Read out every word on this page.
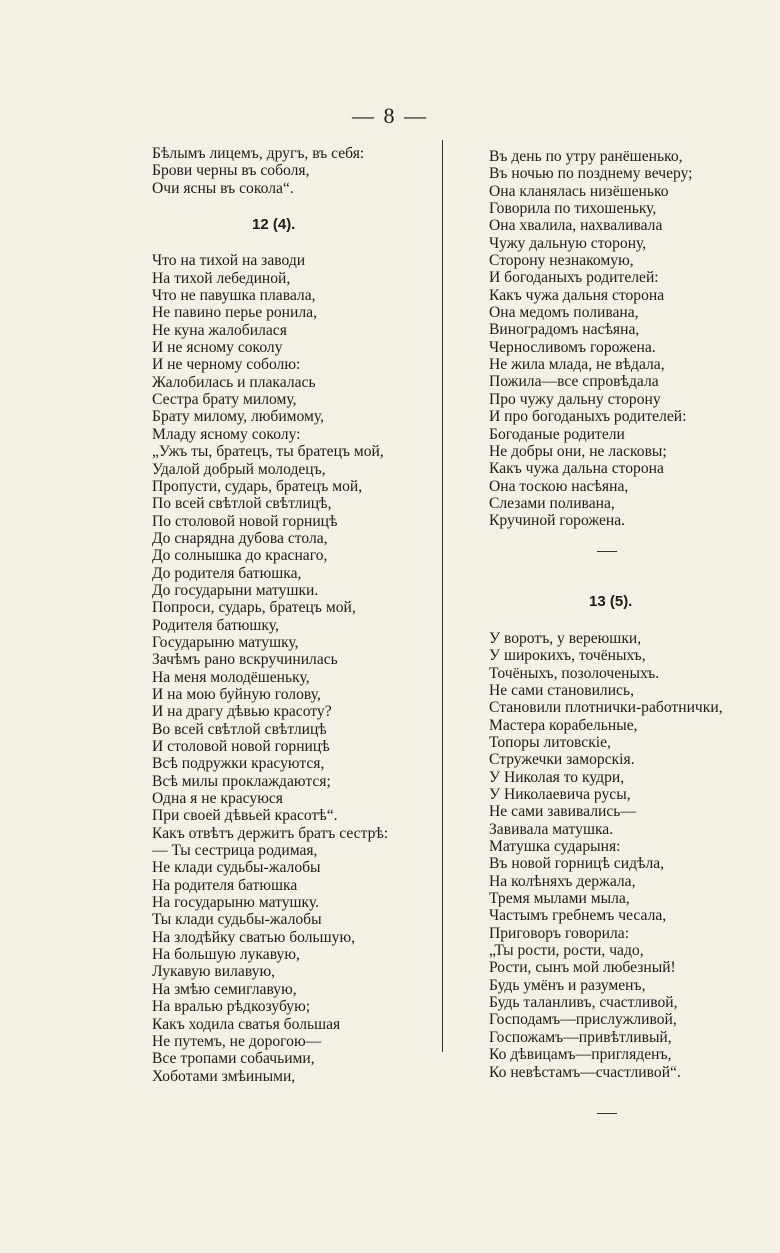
— 8 —
Бѣлымъ лицемъ, другъ, въ себя:
Брови черны въ соболя,
Очи ясны въ сокола“.
12 (4).
Что на тихой на заводи
На тихой лебединой,
Что не павушка плавала,
Не павино перье ронила,
Не куна жалобилася
И не ясному соколу
И не черному соболю:
Жалобилась и плакалась
Сестра брату милому,
Брату милому, любимому,
Младу ясному соколу:
„Ужъ ты, братецъ, ты братецъ мой,
Удалой добрый молодецъ,
Пропусти, сударь, братецъ мой,
По всей свѣтлой свѣтлицѣ,
По столовой новой горницѣ
До снарядна дубова стола,
До солнышка до краснаго,
До родителя батюшка,
До государыни матушки.
Попроси, сударь, братецъ мой,
Родителя батюшку,
Государыню матушку,
Зачѣмъ рано вскручинилась
На меня молодёшеньку,
И на мою буйную голову,
И на драгу дѣвью красоту?
Во всей свѣтлой свѣтлицѣ
И столовой новой горницѣ
Всѣ подружки красуются,
Всѣ милы проклаждаются;
Одна я не красуюся
При своей дѣвьей красотѣ“.
Какъ отвѣтъ держитъ братъ сестрѣ:
— Ты сестрица родимая,
Не клади судьбы-жалобы
На родителя батюшка
На государыню матушку.
Ты клади судьбы-жалобы
На злодѣйку сватью большую,
На большую лукавую,
Лукавую вилавую,
На змѣю семиглавую,
На вралью рѣдкозубую;
Какъ ходила сватья большая
Не путемъ, не дорогою—
Все тропами собачьими,
Хоботами змѣиными,
Въ день по утру ранёшенько,
Въ ночью по позднему вечеру;
Она кланялась низёшенько
Говорила по тихошеньку,
Она хвалила, нахваливала
Чужу дальную сторону,
Сторону незнакомую,
И богоданыхъ родителей:
Какъ чужа дальня сторона
Она медомъ поливана,
Виноградомъ насѣяна,
Черносливомъ горожена.
Не жила млада, не вѣдала,
Пожила—все спровѣдала
Про чужу дальну сторону
И про богоданыхъ родителей:
Богоданые родители
Не добры они, не ласковы;
Какъ чужа дальна сторона
Она тоскою насѣяна,
Слезами поливана,
Кручиной горожена.
13 (5).
У воротъ, у вереюшки,
У широкихъ, точёныхъ,
Точёныхъ, позолоченыхъ.
Не сами становились,
Становили плотнички-работнички,
Мастера корабельные,
Топоры литовскіе,
Стружечки заморскія.
У Николая то кудри,
У Николаевича русы,
Не сами завивались—
Завивала матушка.
Матушка сударыня:
Въ новой горницѣ сидѣла,
На колѣняхъ держала,
Тремя мылами мыла,
Частымъ гребнемъ чесала,
Приговоръ говорила:
„Ты рости, рости, чадо,
Рости, сынъ мой любезный!
Будь умёнъ и разуменъ,
Будь таланливъ, счастливой,
Господамъ—прислужливой,
Госпожамъ—привѣтливый,
Ко дѣвицамъ—пригляденъ,
Ко невѣстамъ—счастливой“.
